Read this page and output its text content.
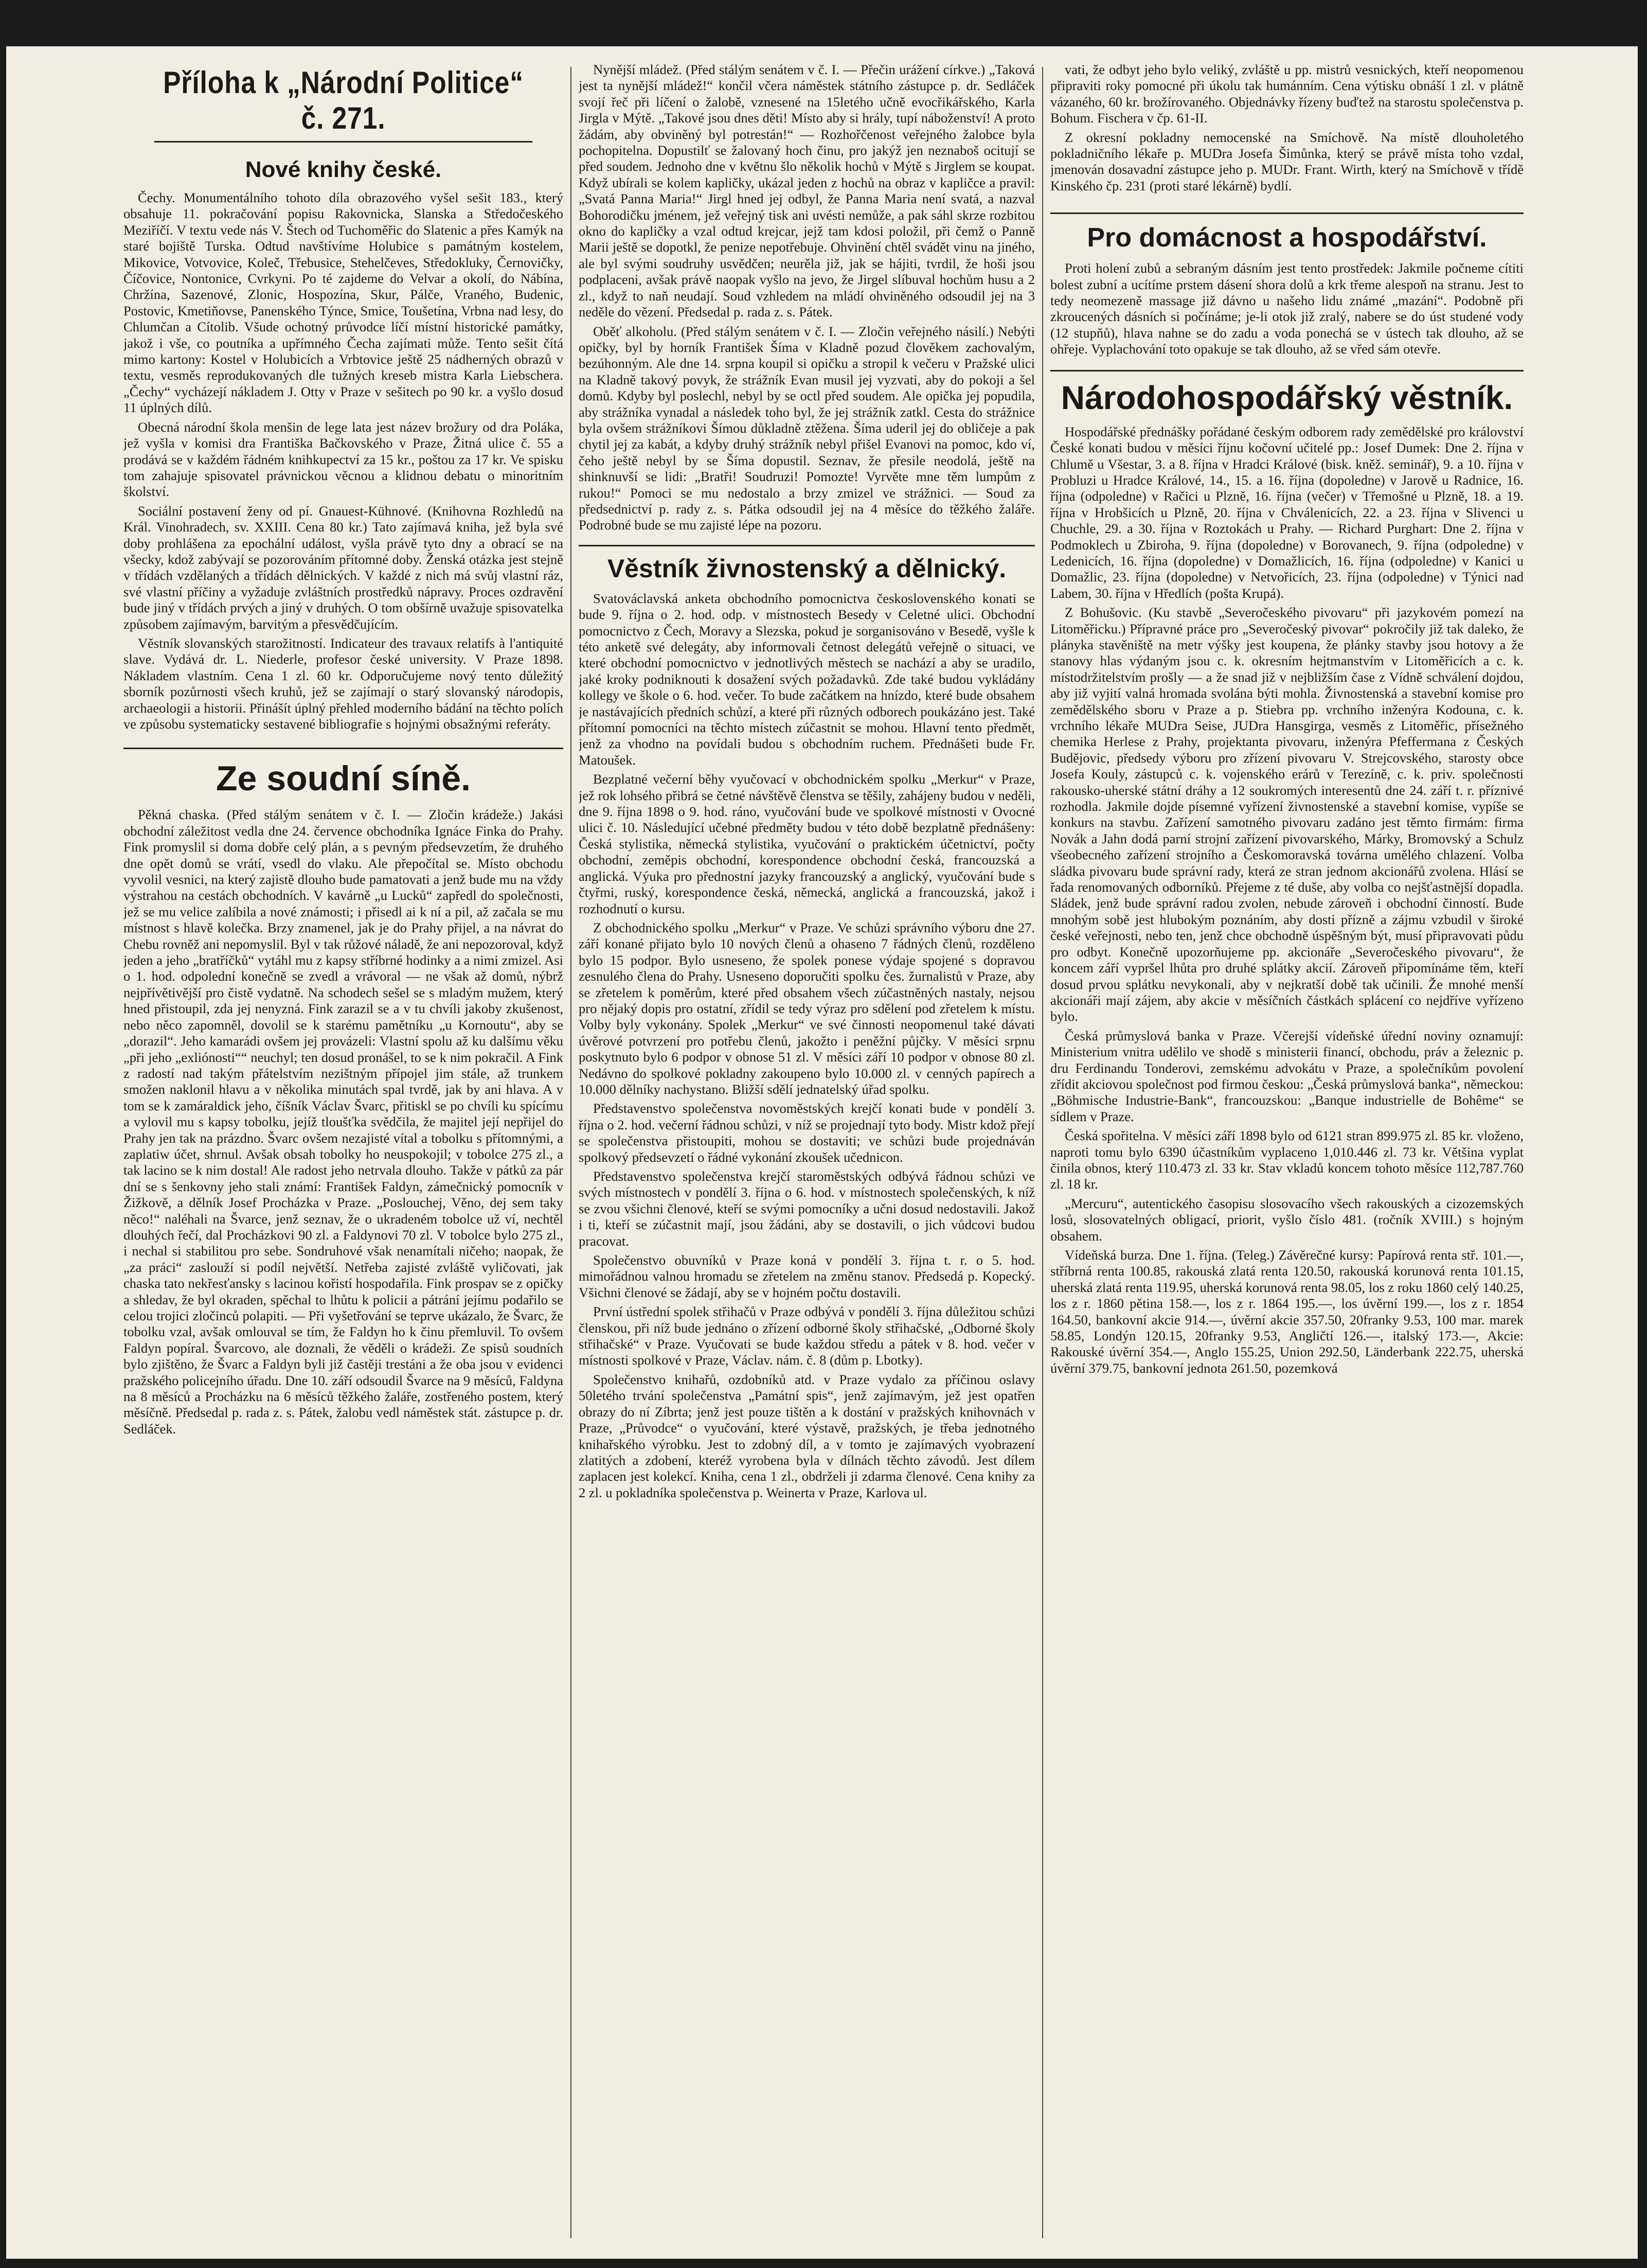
Příloha k „Národní Politice“ č. 271.
Nové knihy české.

Čechy. Monumentálního tohoto díla obrazového vyšel sešit 183., který obsahuje 11. pokračování popisu Rakovnicka, Slanska a Středočeského Meziříčí. V textu vede nás V. Štech od Tuchoměřic do Slatenic a přes Kamýk na staré bojiště Turska. Odtud navštívíme Holubice s památným kostelem, Mikovice, Votvovice, Koleč, Třebusice, Stehelčeves, Středokluky, Černovičky, Číčovice, Nontonice, Cvrkyni. Po té zajdeme do Velvar a okolí, do Nábína, Chržína, Sazenové, Zlonic, Hospozína, Skur, Pálče, Vraného, Budenic, Postovic, Kmetiňovse, Panenského Týnce, Smice, Toušetína, Vrbna nad lesy, do Chlumčan a Cítolib. Všude ochotný průvodce líčí místní historické památky, jakož i vše, co poutníka a upřímného Čecha zajímati může. Tento sešit čítá mimo kartony: Kostel v Holubicích a Vrbtovice ještě 25 nádherných obrazů v textu, vesměs reprodukovaných dle tužných kreseb mistra Karla Liebschera. „Čechy“ vycházejí nákladem J. Otty v Praze v sešitech po 90 kr. a vyšlo dosud 11 úplných dílů.

Obecná národní škola menšin de lege lata jest název brožury od dra Poláka, jež vyšla v komisi dra Františka Bačkovského v Praze, Žitná ulice č. 55 a prodává se v každém řádném knihkupectví za 15 kr., poštou za 17 kr. Ve spisku tom zahajuje spisovatel právnickou věcnou a klidnou debatu o minoritním školství.

Sociální postavení ženy od pí. Gnauest-Kühnové. (Knihovna Rozhledů na Král. Vinohradech, sv. XXIII. Cena 80 kr.) Tato zajímavá kniha, jež byla své doby prohlášena za epochální událost, vyšla právě tyto dny a obrací se na všecky, kdož zabývají se pozorováním přítomné doby. Ženská otázka jest stejně v třídách vzdělaných a třídách dělnických. V každé z nich má svůj vlastní ráz, své vlastní příčiny a vyžaduje zvláštních prostředků nápravy. Proces ozdravění bude jiný v třídách prvých a jiný v druhých. O tom obšírně uvažuje spisovatelka způsobem zajímavým, barvitým a přesvědčujícím.

Věstník slovanských starožitností. Indicateur des travaux relatifs à l'antiquité slave. Vydává dr. L. Niederle, profesor české university. V Praze 1898. Nákladem vlastním. Cena 1 zl. 60 kr. Odporučujeme nový tento důležitý sborník pozůrnosti všech kruhů, jež se zajímají o starý slovanský národopis, archaeologii a historii. Přinášít úplný přehled moderního bádání na těchto polích ve způsobu systematicky sestavené bibliografie s hojnými obsažnými referáty.

Ze soudní síně.

Pěkná chaska. (Před stálým senátem v č. I. — Zločin krádeže.) Jakási obchodní záležitost vedla dne 24. července obchodníka Ignáce Finka do Prahy. Fink promyslil si doma dobře celý plán, a s pevným předsevzetím, že druhého dne opět domů se vrátí, vsedl do vlaku. Ale přepočítal se. Místo obchodu vyvolil vesnici, na který zajistě dlouho bude pamatovati a jenž bude mu na vždy výstrahou na cestách obchodních. V kavárně „u Lucků“ zapředl do společnosti, jež se mu velice zalíbila a nové známosti; i přisedl ai k ní a pil, až začala se mu místnost s hlavě kolečka. Brzy znamenel, jak je do Prahy přijel, a na návrat do Chebu rovněž ani nepomyslil. Byl v tak růžové náladě, že ani nepozoroval, když jeden a jeho „bratříčků“ vytáhl mu z kapsy stříbrné hodinky a a nimi zmizel. Asi o 1. hod. odpolední konečně se zvedl a vrávoral — ne však až domů, nýbrž nejpřívětivější pro čistě vydatně. Na schodech sešel se s mladým mužem, který hned přistoupil, zda jej nenyzná. Fink zarazil se a v tu chvíli jakoby zkušenost, nebo něco zapomněl, dovolil se k starému pamětníku „u Kornoutu“, aby se „dorazil“. Jeho kamarádi ovšem jej provázeli: Vlastní spolu až ku dalšímu věku „při jeho „exliónosti““ neuchyl; ten dosud pronášel, to se k nim pokračil. A Fink z radostí nad takým přátelstvím nezištným přípojel jim stále, až trunkem smožen naklonil hlavu a v několika minutách spal tvrdě, jak by ani hlava. A v tom se k zamáraldick jeho, číšník Václav Švarc, přitiskl se po chvíli ku spícímu a vylovil mu s kapsy tobolku, jejíž tloušťka svědčila, že majitel její nepřijel do Prahy jen tak na prázdno. Švarc ovšem nezajisté vítal a tobolku s přítomnými, a zaplatiw účet, shrnul. Avšak obsah tobolky ho neuspokojil; v tobolce 275 zl., a tak lacino se k nim dostal! Ale radost jeho netrvala dlouho. Takže v pátků za pár dní se s šenkovny jeho stali známí: František Faldyn, zámečnický pomocník v Žižkově, a dělník Josef Procházka v Praze. „Poslouchej, Věno, dej sem taky něco!“ naléhali na Švarce, jenž seznav, že o ukradeném tobolce už ví, nechtěl dlouhých řečí, dal Procházkovi 90 zl. a Faldynovi 70 zl. V tobolce bylo 275 zl., i nechal si stabilitou pro sebe. Sondruhové však nenamítali ničeho; naopak, že „za práci“ zaslouží si podíl největší. Netřeba zajisté zvláště vyličovati, jak chaska tato nekřesťansky s lacinou kořistí hospodařila. Fink prospav se z opičky a shledav, že byl okraden, spěchal to lhůtu k policii a pátrání jejímu podařilo se celou trojici zločinců polapiti. — Při vyšetřování se teprve ukázalo, že Švarc, že tobolku vzal, avšak omlouval se tím, že Faldyn ho k činu přemluvil. To ovšem Faldyn popíral. Švarcovo, ale doznali, že věděli o krádeži. Ze spisů soudních bylo zjištěno, že Švarc a Faldyn byli již častěji trestáni a že oba jsou v evidenci pražského policejního úřadu. Dne 10. září odsoudil Švarce na 9 měsíců, Faldyna na 8 měsíců a Procházku na 6 měsíců těžkého žaláře, zostřeného postem, který měsíčně. Předsedal p. rada z. s. Pátek, žalobu vedl náměstek stát. zástupce p. dr. Sedláček.

Nynější mládež. (Před stálým senátem v č. I. — Přečin urážení církve.) „Taková jest ta nynější mládež!“ končil včera náměstek státního zástupce p. dr. Sedláček svojí řeč při líčení o žalobě, vznesené na 15letého učně evocřikářského, Karla Jirgla v Mýtě. „Takové jsou dnes děti! Místo aby si hrály, tupí náboženství! A proto žádám, aby obviněný byl potrestán!“ — Rozhořčenost veřejného žalobce byla pochopitelna. Dopustilť se žalovaný hoch činu, pro jakýž jen neznaboš ocitují se před soudem. Jednoho dne v květnu šlo několik hochů v Mýtě s Jirglem se koupat. Když ubírali se kolem kapličky, ukázal jeden z hochů na obraz v kapličce a pravil: „Svatá Panna Maria!“ Jirgl hned jej odbyl, že Panna Maria není svatá, a nazval Bohorodičku jménem, jež veřejný tisk ani uvésti nemůže, a pak sáhl skrze rozbitou okno do kapličky a vzal odtud krejcar, jejž tam kdosi položil, při čemž o Panně Marii ještě se dopotkl, že penize nepotřebuje. Ohvinění chtěl svádět vinu na jiného, ale byl svými soudruhy usvědčen; neurěla již, jak se hájiti, tvrdil, že hoši jsou podplaceni, avšak právě naopak vyšlo na jevo, že Jirgel slíbuval hochům husu a 2 zl., když to naň neudají. Soud vzhledem na mládí ohviněného odsoudil jej na 3 neděle do vězení. Předsedal p. rada z. s. Pátek.

Oběť alkoholu. (Před stálým senátem v č. I. — Zločin veřejného násilí.) Nebýti opičky, byl by horník František Šíma v Kladně pozud člověkem zachovalým, bezúhonným. Ale dne 14. srpna koupil si opičku a stropil k večeru v Pražské ulici na Kladně takový povyk, že strážník Evan musil jej vyzvati, aby do pokoji a šel domů. Kdyby byl poslechl, nebyl by se octl před soudem. Ale opička jej popudila, aby strážníka vynadal a následek toho byl, že jej strážník zatkl. Cesta do strážnice byla ovšem strážníkovi Šímou důkladně ztěžena. Šíma uderil jej do obličeje a pak chytil jej za kabát, a kdyby druhý strážník nebyl přišel Evanovi na pomoc, kdo ví, čeho ještě nebyl by se Šíma dopustil. Seznav, že přesile neodolá, ještě na shinknuvší se lidi: „Bratři! Soudruzi! Pomozte! Vyrvěte mne těm lumpům z rukou!“ Pomoci se mu nedostalo a brzy zmizel ve strážnici. — Soud za předsednictví p. rady z. s. Pátka odsoudil jej na 4 měsíce do těžkého žaláře. Podrobné bude se mu zajisté lépe na pozoru.

Věstník živnostenský a dělnický.

Svatováclavská anketa obchodního pomocnictva československého konati se bude 9. října o 2. hod. odp. v místnostech Besedy v Celetné ulici. Obchodní pomocnictvo z Čech, Moravy a Slezska, pokud je sorganisováno v Besedě, vyšle k této anketě své delegáty, aby informovali četnost delegátů veřejně o situaci, ve které obchodní pomocnictvo v jednotlivých městech se nachází a aby se uradilo, jaké kroky podniknouti k dosažení svých požadavků. Zde také budou vykládány kollegy ve škole o 6. hod. večer. To bude začátkem na hnízdo, které bude obsahem je nastávajících předních schůzí, a které při různých odborech poukázáno jest. Také přítomní pomocníci na těchto místech zúčastnit se mohou. Hlavní tento předmět, jenž za vhodno na povídali budou s obchodním ruchem. Přednášeti bude Fr. Matoušek.

Bezplatné večerní běhy vyučovací v obchodnickém spolku „Merkur“ v Praze, jež rok lohsého přibrá se četné návštěvě členstva se těšily, zahájeny budou v neděli, dne 9. října 1898 o 9. hod. ráno, vyučování bude ve spolkové místnosti v Ovocné ulici č. 10. Následující učebné předměty budou v této době bezplatně přednášeny: Česká stylistika, německá stylistika, vyučování o praktickém účetnictví, počty obchodní, zeměpis obchodní, korespondence obchodní česká, francouzská a anglická. Výuka pro přednostní jazyky francouzský a anglický, vyučování bude s čtyřmi, ruský, korespondence česká, německá, anglická a francouzská, jakož i rozhodnutí o kursu.

Z obchodnického spolku „Merkur“ v Praze. Ve schůzi správního výboru dne 27. září konané přijato bylo 10 nových členů a ohaseno 7 řádných členů, rozděleno bylo 15 podpor. Bylo usneseno, že spolek ponese výdaje spojené s dopravou zesnulého člena do Prahy. Usneseno doporučiti spolku čes. žurnalistů v Praze, aby se zřetelem k poměrům, které před obsahem všech zúčastněných nastaly, nejsou pro nějaký dopis pro ostatní, zřídil se tedy výraz pro sdělení pod zřetelem k místu. Volby byly vykonány. Spolek „Merkur“ ve své činnosti neopomenul také dávati úvěrové potvrzení pro potřebu členů, jakožto i peněžní půjčky. V měsíci srpnu poskytnuto bylo 6 podpor v obnose 51 zl. V měsíci září 10 podpor v obnose 80 zl. Nedávno do spolkové pokladny zakoupeno bylo 10.000 zl. v cenných papírech a 10.000 dělníky nachystano. Bližší sdělí jednatelský úřad spolku.

Představenstvo společenstva novoměstských krejčí konati bude v pondělí 3. října o 2. hod. večerní řádnou schůzi, v níž se projednají tyto body. Mistr kdož přejí se společenstva přistoupiti, mohou se dostaviti; ve schůzi bude projednáván spolkový předsevzetí o řádné vykonání zkoušek učednicon.

Představenstvo společenstva krejčí staroměstských odbývá řádnou schůzi ve svých místnostech v pondělí 3. října o 6. hod. v místnostech společenských, k níž se zvou všichni členové, kteří se svými pomocníky a učni dosud nedostavili. Jakož i ti, kteří se zúčastnit mají, jsou žádáni, aby se dostavili, o jich vůdcovi budou pracovat.

Společenstvo obuvníků v Praze koná v pondělí 3. října t. r. o 5. hod. mimořádnou valnou hromadu se zřetelem na změnu stanov. Předsedá p. Kopecký. Všichni členové se žádají, aby se v hojném počtu dostavili.

První ústřední spolek střihačů v Praze odbývá v pondělí 3. října důležitou schůzi členskou, při níž bude jednáno o zřízení odborné školy střihačské, „Odborné školy střihačské“ v Praze. Vyučovati se bude každou středu a pátek v 8. hod. večer v místnosti spolkové v Praze, Václav. nám. č. 8 (dům p. Lbotky).

Společenstvo knihařů, ozdobníků atd. v Praze vydalo za příčinou oslavy 50letého trvání společenstva „Památní spis“, jenž zajímavým, jež jest opatřen obrazy do ní Zíbrta; jenž jest pouze tištěn a k dostání v pražských knihovnách v Praze, „Průvodce“ o vyučování, které výstavě, pražských, je třeba jednotného knihařského výrobku. Jest to zdobný díl, a v tomto je zajímavých vyobrazení zlatitých a zdobení, kteréž vyrobena byla v dílnách těchto závodů. Jest dílem zaplacen jest kolekcí. Kniha, cena 1 zl., obdrželi ji zdarma členové. Cena knihy za 2 zl. u pokladníka společenstva p. Weinerta v Praze, Karlova ul.

vati, že odbyt jeho bylo veliký, zvláště u pp. mistrů vesnických, kteří neopomenou připraviti roky pomocné při úkolu tak humánním. Cena výtisku obnáší 1 zl. v plátně vázaného, 60 kr. brožírovaného. Objednávky řízeny buďtež na starostu společenstva p. Bohum. Fischera v čp. 61-II.

Z okresní pokladny nemocenské na Smíchově. Na místě dlouholetého pokladničního lékaře p. MUDra Josefa Šimůnka, který se právě místa toho vzdal, jmenován dosavadní zástupce jeho p. MUDr. Frant. Wirth, který na Smíchově v třídě Kinského čp. 231 (proti staré lékárně) bydlí.

Pro domácnost a hospodářství.

Proti holení zubů a sebraným dásním jest tento prostředek: Jakmile počneme cítiti bolest zubní a ucítíme prstem dásení shora dolů a krk třeme alespoň na stranu. Jest to tedy neomezeně massage již dávno u našeho lidu známé „mazání“. Podobně při zkroucených dásních si počínáme; je-li otok již zralý, nabere se do úst studené vody (12 stupňů), hlava nahne se do zadu a voda ponechá se v ústech tak dlouho, až se ohřeje. Vyplachování toto opakuje se tak dlouho, až se vřed sám otevře.

Národohospodářský věstník.

Hospodářské přednášky pořádané českým odborem rady zemědělské pro království České konati budou v měsíci říjnu kočovní učitelé pp.: Josef Dumek: Dne 2. října v Chlumě u Všestar, 3. a 8. října v Hradci Králové (bisk. kněž. seminář), 9. a 10. října v Probluzi u Hradce Králové, 14., 15. a 16. října (dopoledne) v Jarově u Radnice, 16. října (odpoledne) v Račici u Plzně, 16. října (večer) v Třemošné u Plzně, 18. a 19. října v Hrobšicích u Plzně, 20. října v Chválenicích, 22. a 23. října v Slivenci u Chuchle, 29. a 30. října v Roztokách u Prahy. — Richard Purghart: Dne 2. října v Podmoklech u Zbiroha, 9. října (dopoledne) v Borovanech, 9. října (odpoledne) v Ledenicích, 16. října (dopoledne) v Domažlicích, 16. října (odpoledne) v Kanici u Domažlic, 23. října (dopoledne) v Netvořicích, 23. října (odpoledne) v Týnici nad Labem, 30. října v Hředlích (pošta Krupá).

Z Bohušovic. (Ku stavbě „Severočeského pivovaru“ při jazykovém pomezí na Litoměřicku.) Přípravné práce pro „Severočeský pivovar“ pokročily již tak daleko, že plányka stavěniště na metr výšky jest koupena, že plánky stavby jsou hotovy a že stanovy hlas výdaným jsou c. k. okresním hejtmanstvím v Litoměřicích a c. k. místodržitelstvím prošly — a že snad již v nejbližším čase z Vídně schválení dojdou, aby již vyjití valná hromada svolána býti mohla. Živnostenská a stavební komise pro zemědělského sboru v Praze a p. Stiebra pp. vrchního inženýra Kodouna, c. k. vrchního lékaře MUDra Seise, JUDra Hansgirga, vesměs z Litoměřic, přísežného chemika Herlese z Prahy, projektanta pivovaru, inženýra Pfeffermana z Českých Budějovic, předsedy výboru pro zřízení pivovaru V. Strejcovského, starosty obce Josefa Kouly, zástupců c. k. vojenského erárů v Terezíně, c. k. priv. společnosti rakousko-uherské státní dráhy a 12 soukromých interesentů dne 24. září t. r. příznivé rozhodla. Jakmile dojde písemné vyřízení živnostenské a stavební komise, vypíše se konkurs na stavbu. Zařízení samotného pivovaru zadáno jest těmto firmám: firma Novák a Jahn dodá parní strojní zařízení pivovarského, Márky, Bromovský a Schulz všeobecného zařízení strojního a Českomoravská továrna umělého chlazení. Volba sládka pivovaru bude správní rady, která ze stran jednom akcionářů zvolena. Hlásí se řada renomovaných odborníků. Přejeme z té duše, aby volba co nejšťastnější dopadla. Sládek, jenž bude správní radou zvolen, nebude zároveň i obchodní činností. Bude mnohým sobě jest hlubokým poznáním, aby dosti přízně a zájmu vzbudil v široké české veřejnosti, nebo ten, jenž chce obchodně úspěšným být, musí připravovati půdu pro odbyt. Konečně upozorňujeme pp. akcionáře „Severočeského pivovaru“, že koncem září vypršel lhůta pro druhé splátky akcií. Zároveň připomínáme těm, kteří dosud prvou splátku nevykonali, aby v nejkratší době tak učinili. Že mnohé menší akcionáři mají zájem, aby akcie v měsíčních částkách splácení co nejdříve vyřízeno bylo.

Česká průmyslová banka v Praze. Včerejší vídeňské úřední noviny oznamují: Ministerium vnitra udělilo ve shodě s ministerii financí, obchodu, práv a železnic p. dru Ferdinandu Tonderovi, zemskému advokátu v Praze, a společníkům povolení zřídit akciovou společnost pod firmou českou: „Česká průmyslová banka“, německou: „Böhmische Industrie-Bank“, francouzskou: „Banque industrielle de Bohême“ se sídlem v Praze.

Česká spořitelna. V měsíci září 1898 bylo od 6121 stran 899.975 zl. 85 kr. vloženo, naproti tomu bylo 6390 účastníkům vyplaceno 1,010.446 zl. 73 kr. Většina vyplat činila obnos, který 110.473 zl. 33 kr. Stav vkladů koncem tohoto měsíce 112,787.760 zl. 18 kr.

„Mercuru“, autentického časopisu slosovacího všech rakouských a cizozemských losů, slosovatelných obligací, priorit, vyšlo číslo 481. (ročník XVIII.) s hojným obsahem.

Vídeňská burza. Dne 1. října. (Teleg.) Závěrečné kursy: Papírová renta stř. 101.—, stříbrná renta 100.85, rakouská zlatá renta 120.50, rakouská korunová renta 101.15, uherská zlatá renta 119.95, uherská korunová renta 98.05, los z roku 1860 celý 140.25, los z r. 1860 pětina 158.—, los z r. 1864 195.—, los úvěrní 199.—, los z r. 1854 164.50, bankovní akcie 914.—, úvěrní akcie 357.50, 20franky 9.53, 100 mar. marek 58.85, Londýn 120.15, 20franky 9.53, Angličtí 126.—, italský 173.—, Akcie: Rakouské úvěrní 354.—, Anglo 155.25, Union 292.50, Länderbank 222.75, uherská úvěrní 379.75, bankovní jednota 261.50, pozemková
